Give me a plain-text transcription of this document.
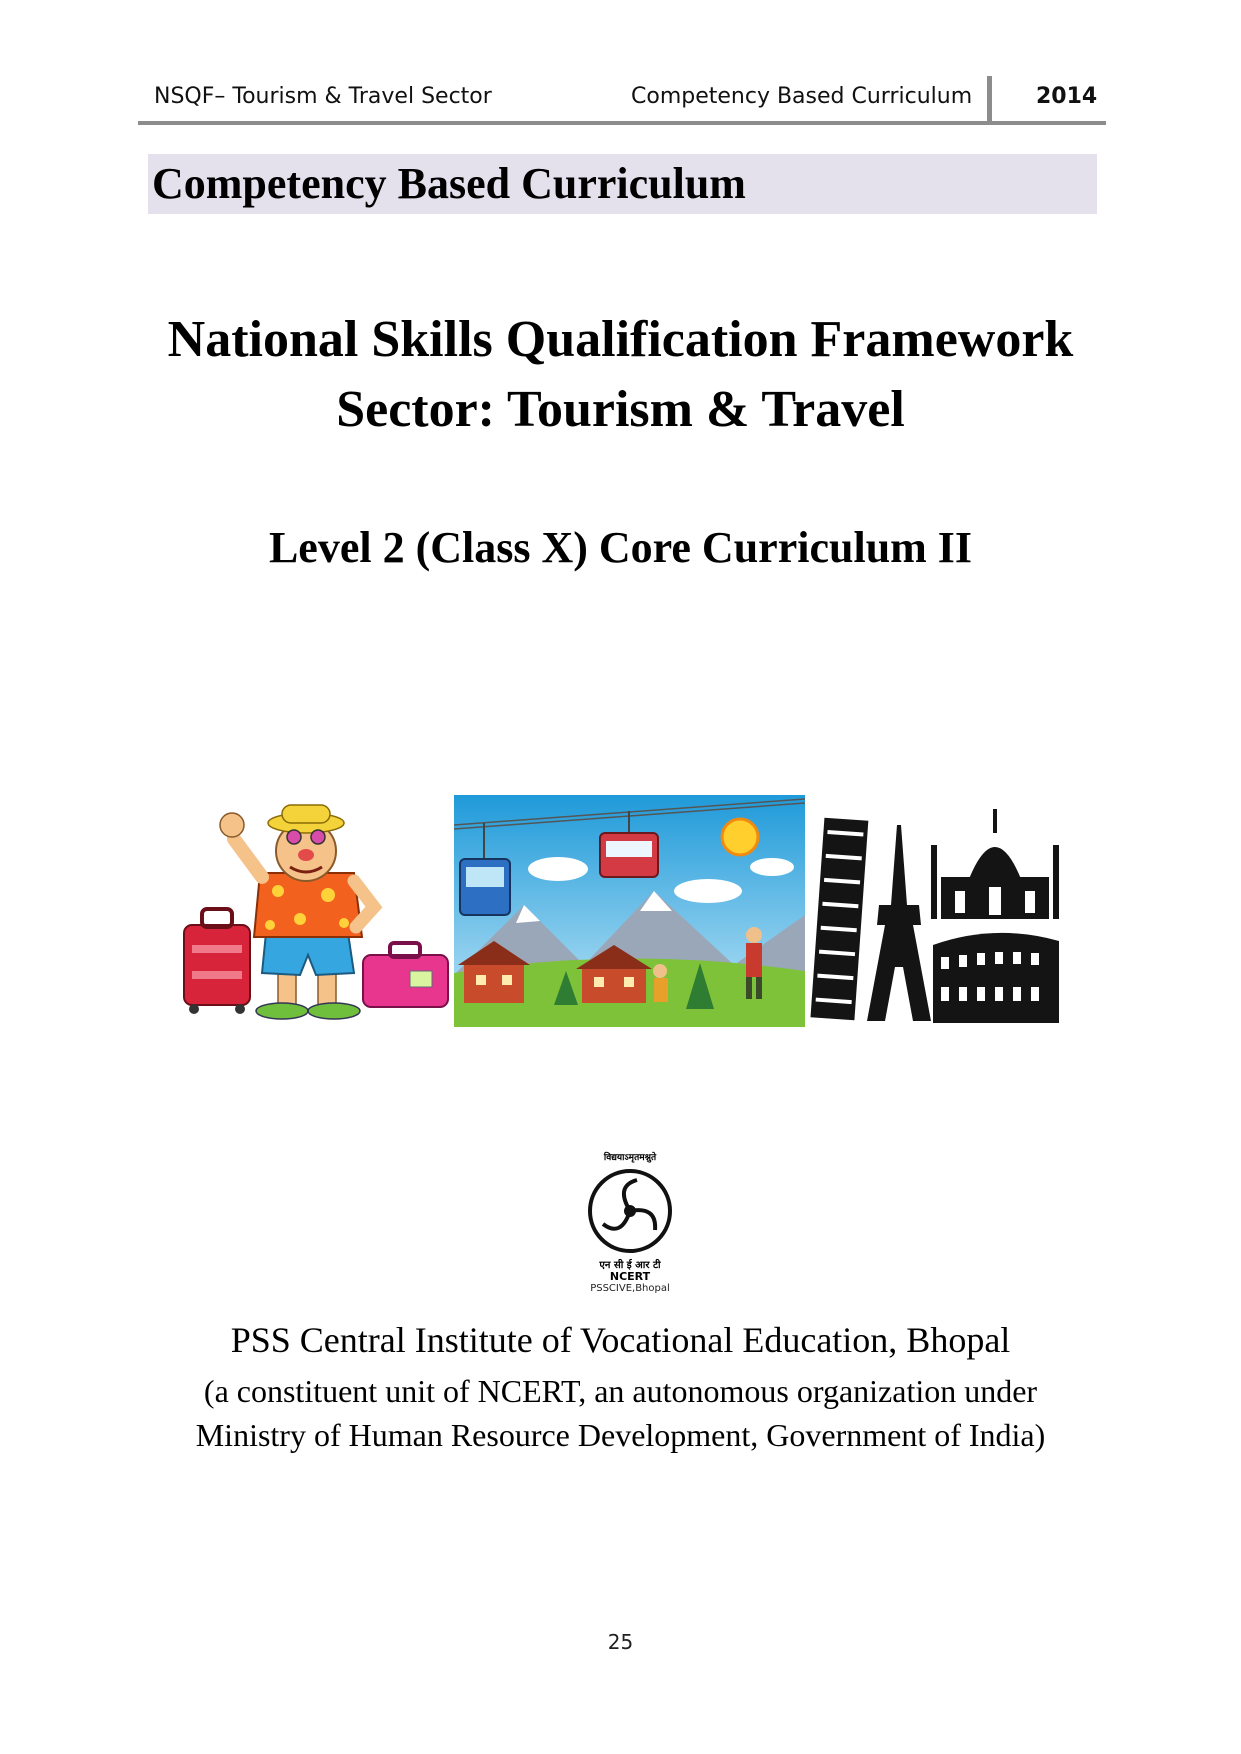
NSQF– Tourism & Travel Sector	Competency Based Curriculum	2014
Competency Based Curriculum
National Skills Qualification Framework
Sector: Tourism & Travel
Level 2 (Class X) Core Curriculum II
विद्ययाऽमृतमश्नुते
एन सी ई आर टी
NCERT
PSSCIVE,Bhopal
PSS Central Institute of Vocational Education, Bhopal
(a constituent unit of NCERT, an autonomous organization under
Ministry of Human Resource Development, Government of India)
25
